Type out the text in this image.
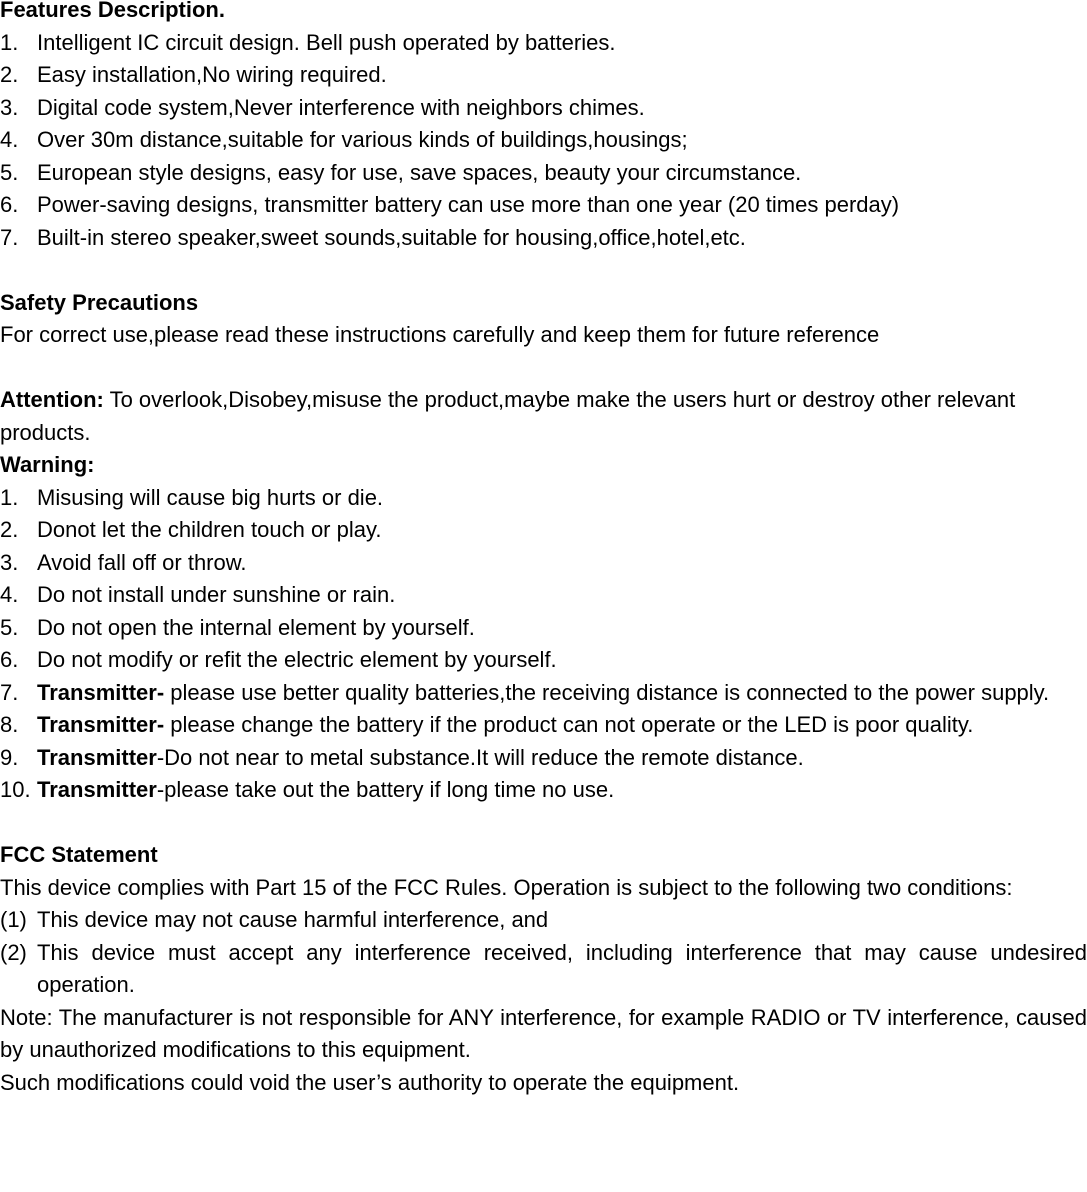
Features Description.

1. Intelligent IC circuit design. Bell push operated by batteries.
2. Easy installation,No wiring required.
3. Digital code system,Never interference with neighbors chimes.
4. Over 30m distance,suitable for various kinds of buildings,housings;
5. European style designs, easy for use, save spaces, beauty your circumstance.
6. Power-saving designs, transmitter battery can use more than one year (20 times perday)
7. Built-in stereo speaker,sweet sounds,suitable for housing,office,hotel,etc.

Safety Precautions

For correct use,please read these instructions carefully and keep them for future reference

Attention: To overlook,Disobey,misuse the product,maybe make the users hurt or destroy other relevant products.

Warning:

1. Misusing will cause big hurts or die.
2. Donot let the children touch or play.
3. Avoid fall off or throw.
4. Do not install under sunshine or rain.
5. Do not open the internal element by yourself.
6. Do not modify or refit the electric element by yourself.
7. Transmitter- please use better quality batteries,the receiving distance is connected to the power supply.
8. Transmitter- please change the battery if the product can not operate or the LED is poor quality.
9. Transmitter-Do not near to metal substance.It will reduce the remote distance.
10. Transmitter-please take out the battery if long time no use.

FCC Statement

This device complies with Part 15 of the FCC Rules. Operation is subject to the following two conditions:

(1) This device may not cause harmful interference, and
(2) This device must accept any interference received, including interference that may cause undesired operation.

Note: The manufacturer is not responsible for ANY interference, for example RADIO or TV interference, caused by unauthorized modifications to this equipment.

Such modifications could void the user’s authority to operate the equipment.
